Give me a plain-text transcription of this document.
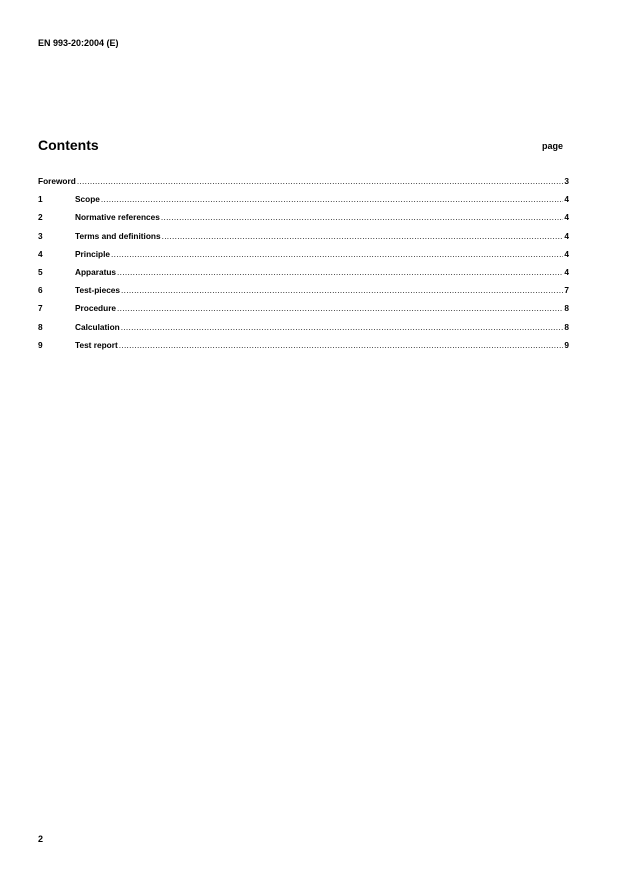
EN 993-20:2004 (E)
Contents	page
Foreword .....	3
1	Scope .....	4
2	Normative references .....	4
3	Terms and definitions .....	4
4	Principle .....	4
5	Apparatus .....	4
6	Test-pieces .....	7
7	Procedure .....	8
8	Calculation .....	8
9	Test report .....	9
2
